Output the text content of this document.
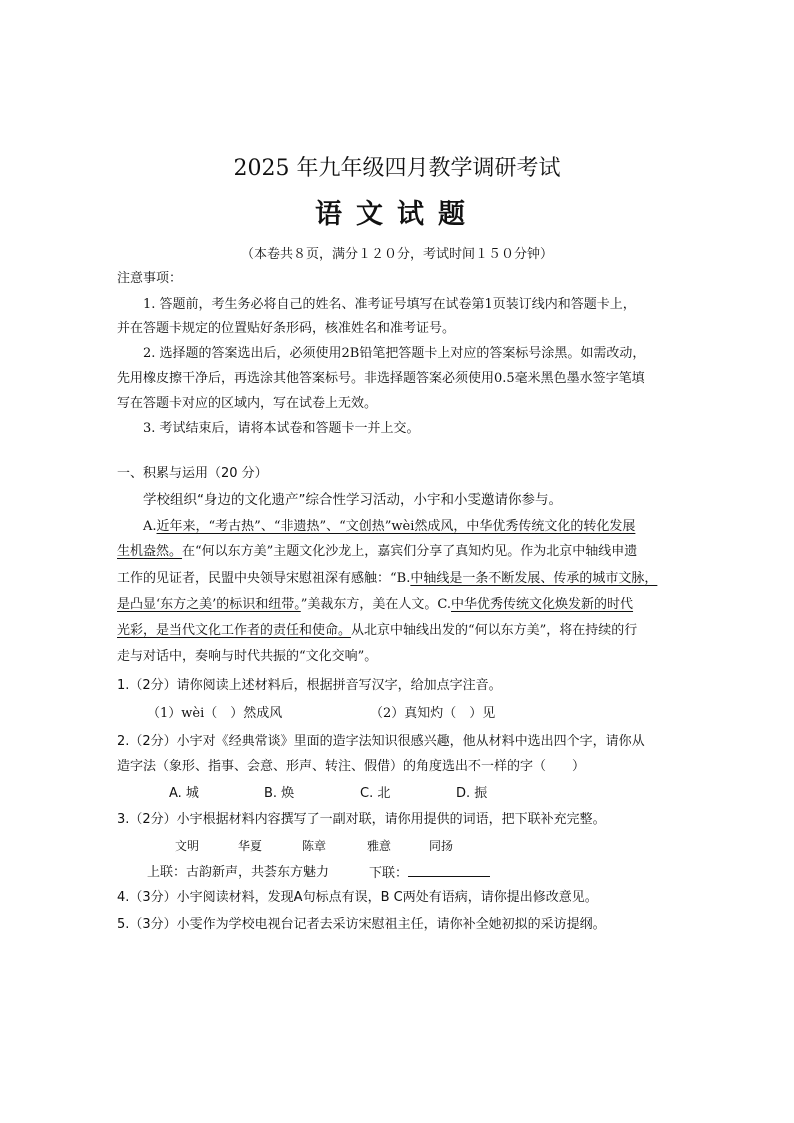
2025 年九年级四月教学调研考试
语文试题
（本卷共８页，满分１２０分，考试时间１５０分钟）
注意事项：
1. 答题前，考生务必将自己的姓名、准考证号填写在试卷第1页装订线内和答题卡上，
并在答题卡规定的位置贴好条形码，核准姓名和准考证号。
2. 选择题的答案选出后，必须使用2B铅笔把答题卡上对应的答案标号涂黑。如需改动，
先用橡皮擦干净后，再选涂其他答案标号。非选择题答案必须使用0.5毫米黑色墨水签字笔填
写在答题卡对应的区域内，写在试卷上无效。
3. 考试结束后，请将本试卷和答题卡一并上交。
一、积累与运用（20 分）
学校组织“身边的文化遗产”综合性学习活动，小宇和小雯邀请你参与。
A.近年来，“考古热”、“非遗热”、“文创热”wèi然成风，中华优秀传统文化的转化发展
生机盎然。在“何以东方美”主题文化沙龙上，嘉宾们分享了真知灼见。作为北京中轴线申遗
工作的见证者，民盟中央领导宋慰祖深有感触：“B.中轴线是一条不断发展、传承的城市文脉，
是凸显‘东方之美’的标识和纽带。”美裁东方，美在人文。C.中华优秀传统文化焕发新的时代
光彩，是当代文化工作者的责任和使命。从北京中轴线出发的“何以东方美”，将在持续的行
走与对话中，奏响与时代共振的“文化交响”。
1.（2分）请你阅读上述材料后，根据拼音写汉字，给加点字注音。
（1）wèi（　）然成风	（2）真知灼（　）见
2.（2分）小宇对《经典常谈》里面的造字法知识很感兴趣，他从材料中选出四个字，请你从
造字法（象形、指事、会意、形声、转注、假借）的角度选出不一样的字（　　）
A. 城	B. 焕	C. 北	D. 振
3.（2分）小宇根据材料内容撰写了一副对联，请你用提供的词语，把下联补充完整。
文明	华夏	陈章	雅意	同扬
上联：古韵新声，共荟东方魅力	下联：
4.（3分）小宇阅读材料，发现A句标点有误，B C两处有语病，请你提出修改意见。
5.（3分）小雯作为学校电视台记者去采访宋慰祖主任，请你补全她初拟的采访提纲。
